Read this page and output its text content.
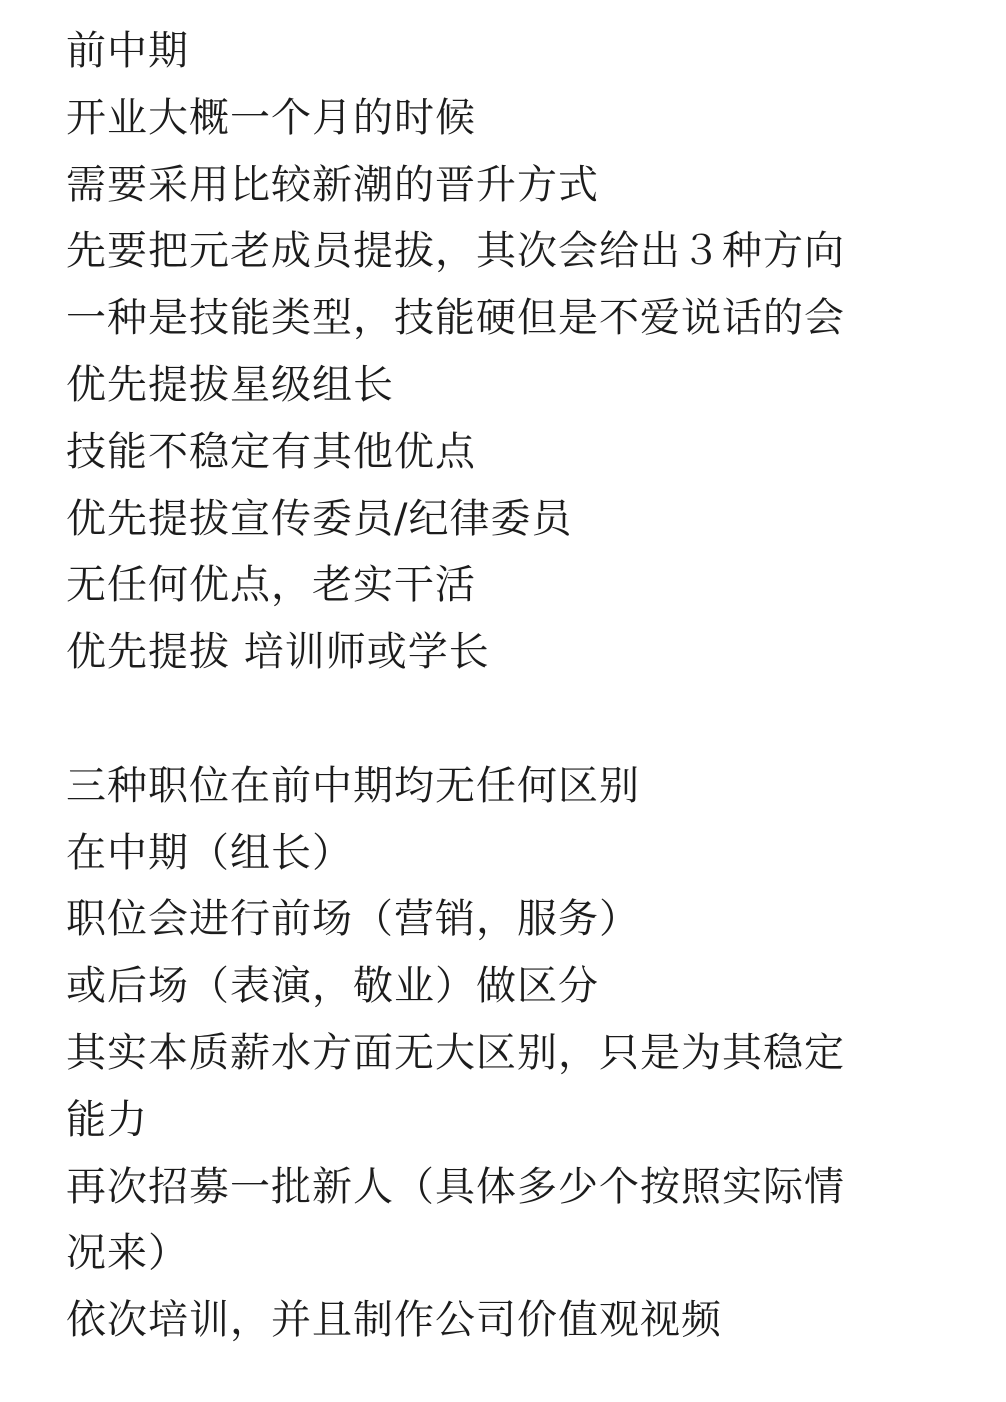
前中期
开业大概一个月的时候
需要采用比较新潮的晋升方式
先要把元老成员提拔，其次会给出３种方向
一种是技能类型，技能硬但是不爱说话的会
优先提拔星级组长
技能不稳定有其他优点
优先提拔宣传委员/纪律委员
无任何优点，老实干活
优先提拔 培训师或学长
三种职位在前中期均无任何区别
在中期（组长）
职位会进行前场（营销，服务）
或后场（表演，敬业）做区分
其实本质薪水方面无大区别，只是为其稳定
能力
再次招募一批新人（具体多少个按照实际情
况来）
依次培训，并且制作公司价值观视频
